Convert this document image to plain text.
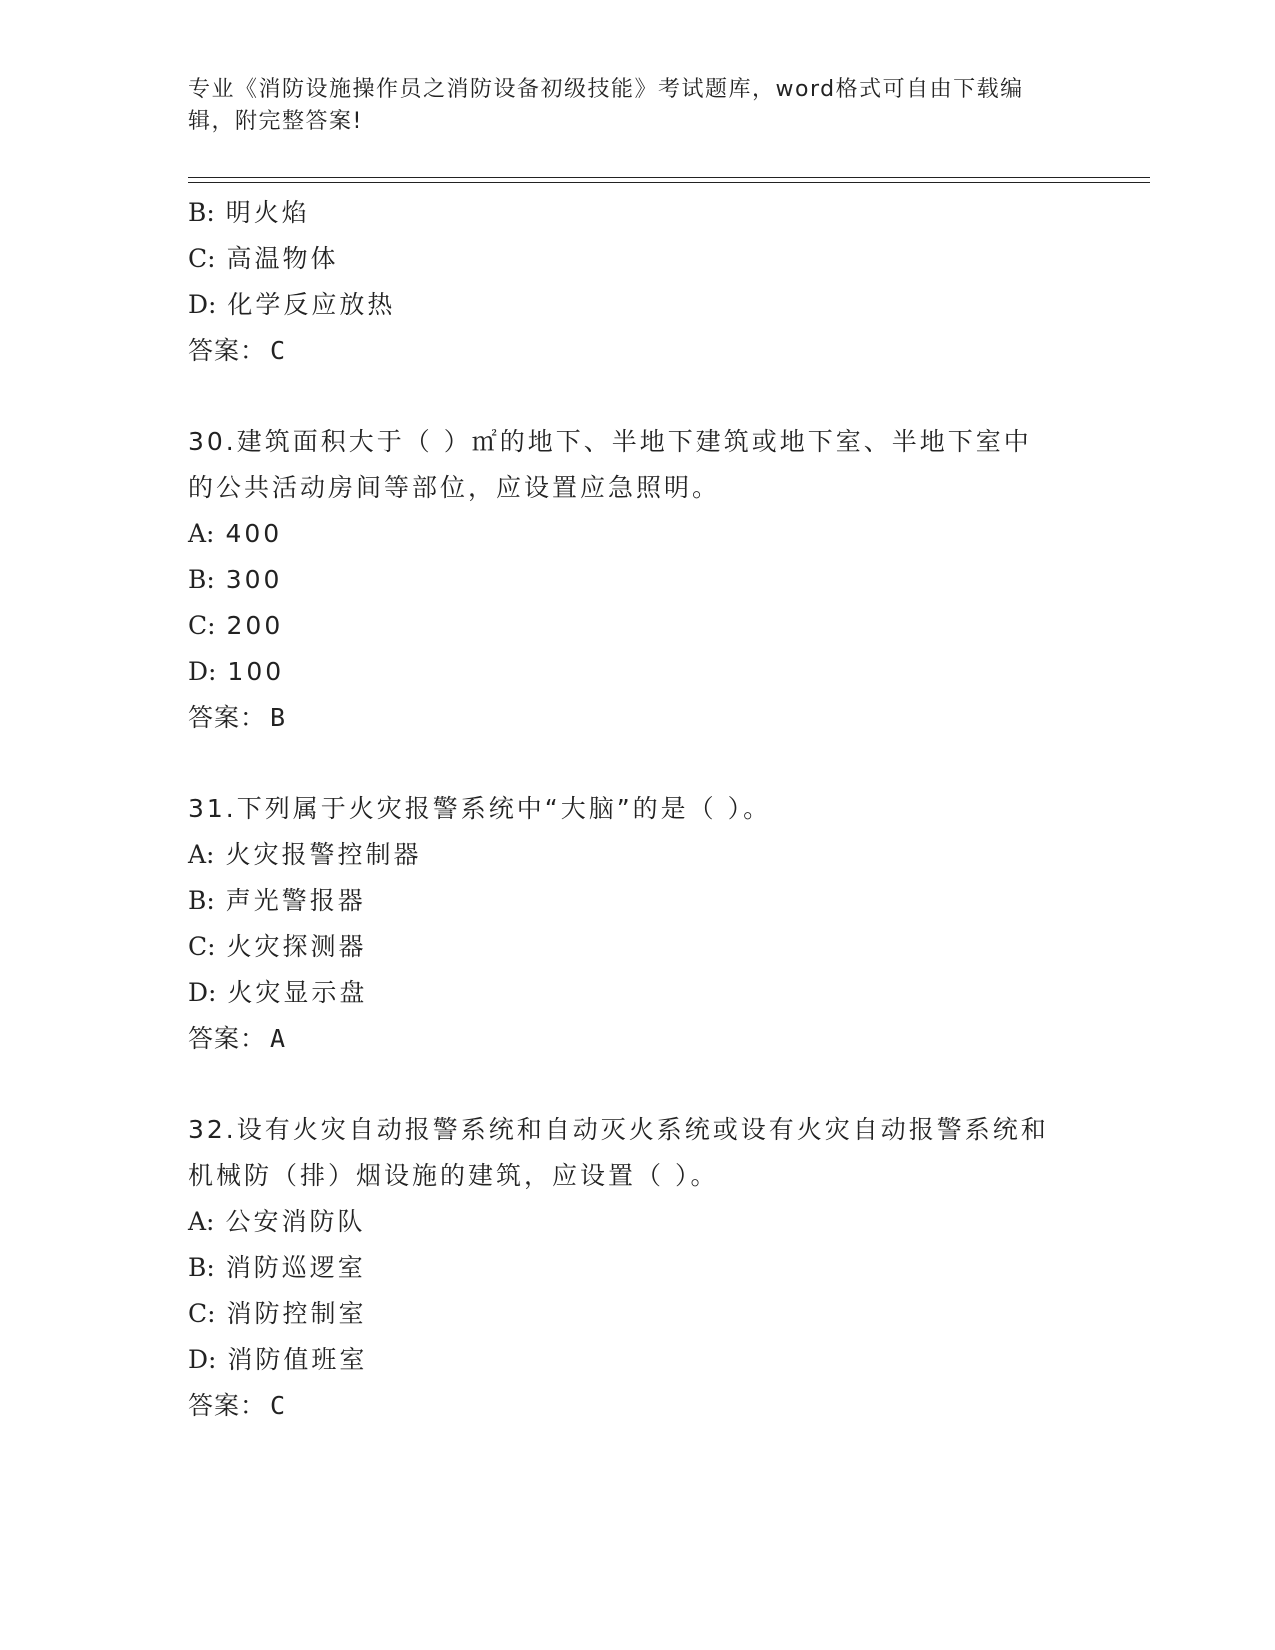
专业《消防设施操作员之消防设备初级技能》考试题库，word格式可自由下载编辑，附完整答案!
B: 明火焰
C: 高温物体
D: 化学反应放热
答案： C
30.建筑面积大于（ ）㎡的地下、半地下建筑或地下室、半地下室中
的公共活动房间等部位，应设置应急照明。
A: 400
B: 300
C: 200
D: 100
答案： B
31.下列属于火灾报警系统中“大脑”的是（ ）。
A: 火灾报警控制器
B: 声光警报器
C: 火灾探测器
D: 火灾显示盘
答案： A
32.设有火灾自动报警系统和自动灭火系统或设有火灾自动报警系统和
机械防（排）烟设施的建筑，应设置（ ）。
A: 公安消防队
B: 消防巡逻室
C: 消防控制室
D: 消防值班室
答案： C
